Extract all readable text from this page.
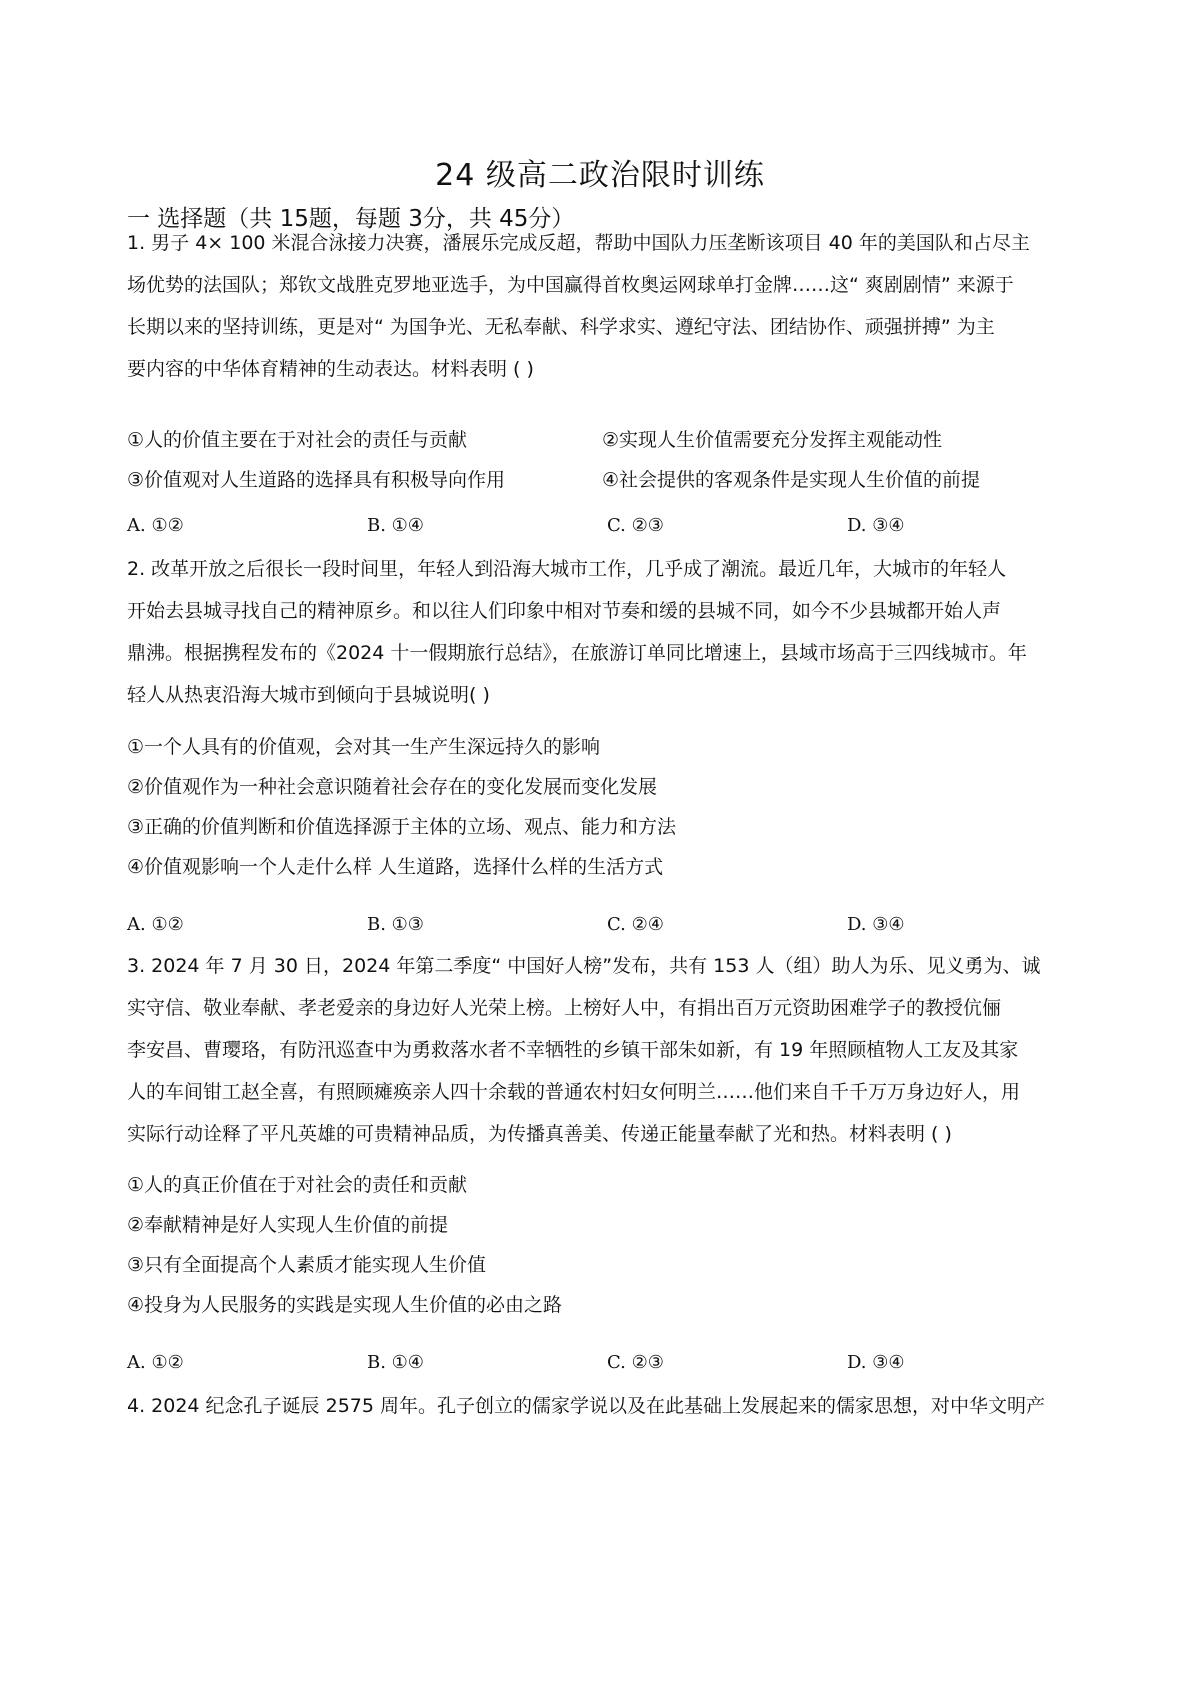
24 级高二政治限时训练
一 选择题（共 15题，每题 3分，共 45分）
1. 男子 4× 100 米混合泳接力决赛，潘展乐完成反超，帮助中国队力压垄断该项目 40 年的美国队和占尽主
场优势的法国队；郑钦文战胜克罗地亚选手，为中国赢得首枚奥运网球单打金牌……这“ 爽剧剧情” 来源于
长期以来的坚持训练，更是对“ 为国争光、无私奉献、科学求实、遵纪守法、团结协作、顽强拼搏” 为主
要内容的中华体育精神的生动表达。材料表明 ( )
①人的价值主要在于对社会的责任与贡献	②实现人生价值需要充分发挥主观能动性
③价值观对人生道路的选择具有积极导向作用	④社会提供的客观条件是实现人生价值的前提
A. ①②	B. ①④	C. ②③	D. ③④
2. 改革开放之后很长一段时间里，年轻人到沿海大城市工作，几乎成了潮流。最近几年，大城市的年轻人
开始去县城寻找自己的精神原乡。和以往人们印象中相对节奏和缓的县城不同，如今不少县城都开始人声
鼎沸。根据携程发布的《2024 十一假期旅行总结》，在旅游订单同比增速上，县域市场高于三四线城市。年
轻人从热衷沿海大城市到倾向于县城说明( )
①一个人具有的价值观，会对其一生产生深远持久的影响
②价值观作为一种社会意识随着社会存在的变化发展而变化发展
③正确的价值判断和价值选择源于主体的立场、观点、能力和方法
④价值观影响一个人走什么样 人生道路，选择什么样的生活方式
A. ①②	B. ①③	C. ②④	D. ③④
3. 2024 年 7 月 30 日，2024 年第二季度“ 中国好人榜”发布，共有 153 人（组）助人为乐、见义勇为、诚
实守信、敬业奉献、孝老爱亲的身边好人光荣上榜。上榜好人中，有捐出百万元资助困难学子的教授伉俪
李安昌、曹璎珞，有防汛巡查中为勇救落水者不幸牺牲的乡镇干部朱如新，有 19 年照顾植物人工友及其家
人的车间钳工赵全喜，有照顾瘫痪亲人四十余载的普通农村妇女何明兰……他们来自千千万万身边好人，用
实际行动诠释了平凡英雄的可贵精神品质，为传播真善美、传递正能量奉献了光和热。材料表明 ( )
①人的真正价值在于对社会的责任和贡献
②奉献精神是好人实现人生价值的前提
③只有全面提高个人素质才能实现人生价值
④投身为人民服务的实践是实现人生价值的必由之路
A. ①②	B. ①④	C. ②③	D. ③④
4. 2024 纪念孔子诞辰 2575 周年。孔子创立的儒家学说以及在此基础上发展起来的儒家思想，对中华文明产
